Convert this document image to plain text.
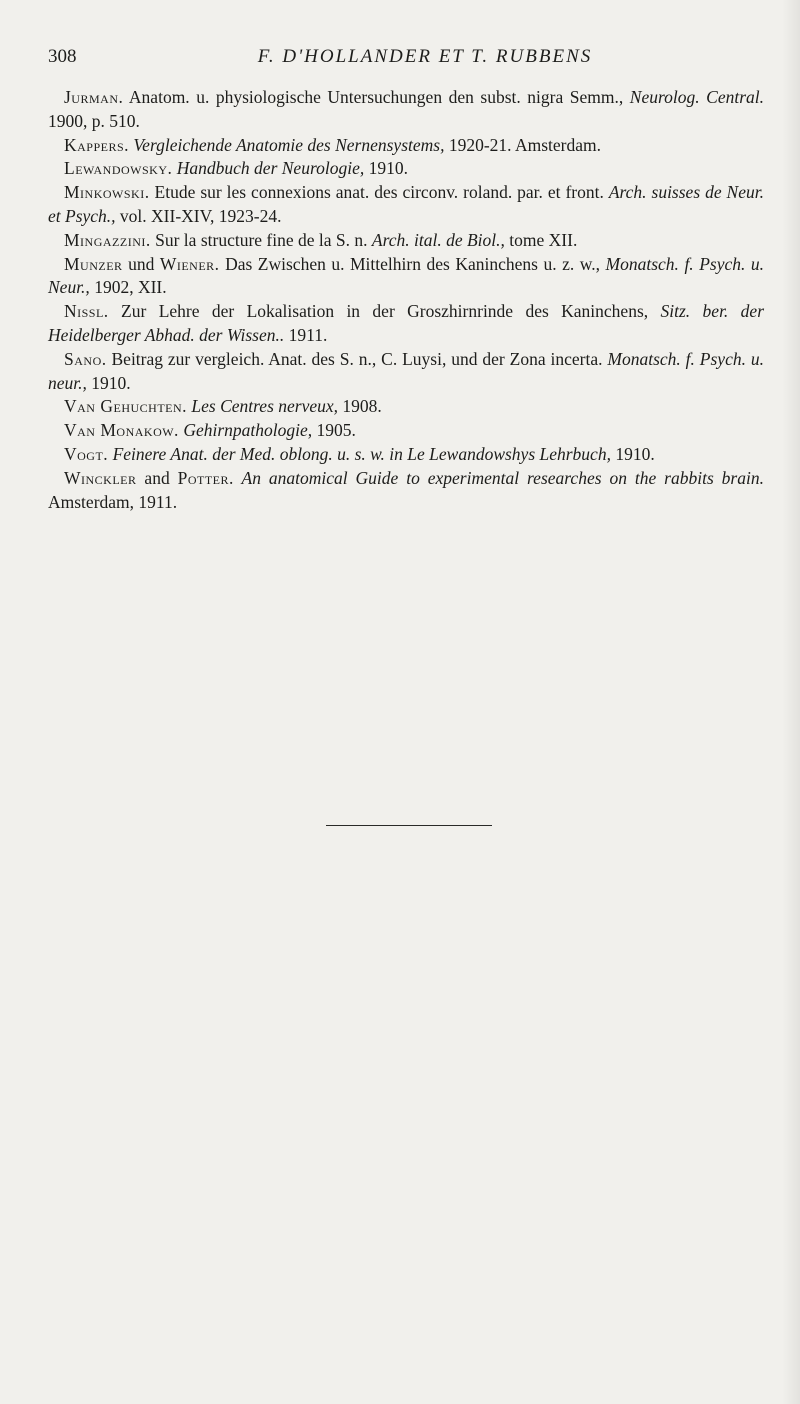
308	F. D'HOLLANDER ET T. RUBBENS

Jurman. Anatom. u. physiologische Untersuchungen den subst. nigra Semm., Neurolog. Central. 1900, p. 510.

Kappers. Vergleichende Anatomie des Nernensystems, 1920-21. Amsterdam.

Lewandowsky. Handbuch der Neurologie, 1910.

Minkowski. Etude sur les connexions anat. des circonv. roland. par. et front. Arch. suisses de Neur. et Psych., vol. XII-XIV, 1923-24.

Mingazzini. Sur la structure fine de la S. n. Arch. ital. de Biol., tome XII.

Munzer und Wiener. Das Zwischen u. Mittelhirn des Kaninchens u. z. w., Monatsch. f. Psych. u. Neur., 1902, XII.

Nissl. Zur Lehre der Lokalisation in der Groszhirnrinde des Kaninchens, Sitz. ber. der Heidelberger Abhad. der Wissen.. 1911.

Sano. Beitrag zur vergleich. Anat. des S. n., C. Luysi, und der Zona incerta. Monatsch. f. Psych. u. neur., 1910.

Van Gehuchten. Les Centres nerveux, 1908.

Van Monakow. Gehirnpathologie, 1905.

Vogt. Feinere Anat. der Med. oblong. u. s. w. in Le Lewandowshys Lehrbuch, 1910.

Winckler and Potter. An anatomical Guide to experimental researches on the rabbits brain. Amsterdam, 1911.
